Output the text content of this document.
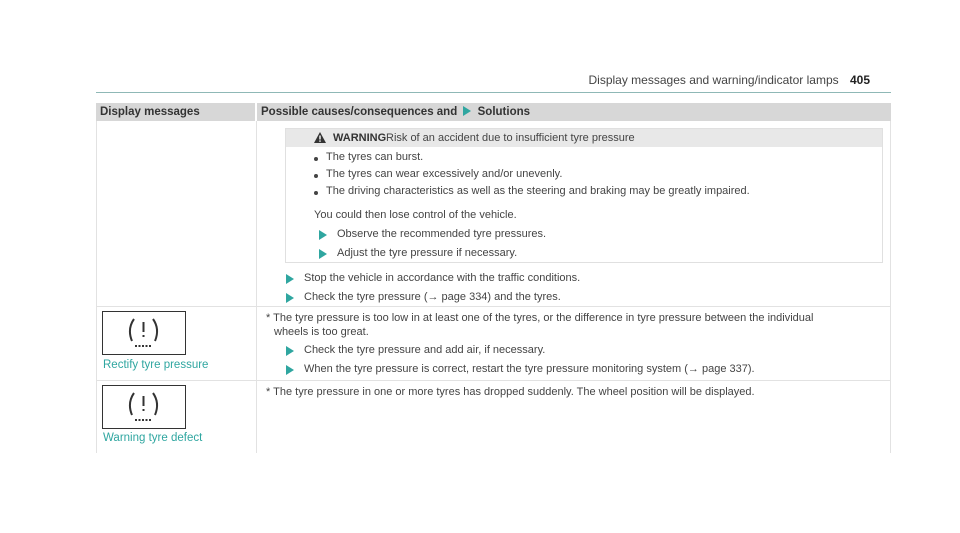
Display messages and warning/indicator lamps 405
Display messages	Possible causes/consequences and Solutions
WARNING Risk of an accident due to insufficient tyre pressure
The tyres can burst.
The tyres can wear excessively and/or unevenly.
The driving characteristics as well as the steering and braking may be greatly impaired.
You could then lose control of the vehicle.
Observe the recommended tyre pressures.
Adjust the tyre pressure if necessary.
Stop the vehicle in accordance with the traffic conditions.
Check the tyre pressure (→ page 334) and the tyres.
Rectify tyre pressure
* The tyre pressure is too low in at least one of the tyres, or the difference in tyre pressure between the individual
wheels is too great.
Check the tyre pressure and add air, if necessary.
When the tyre pressure is correct, restart the tyre pressure monitoring system (→ page 337).
Warning tyre defect
* The tyre pressure in one or more tyres has dropped suddenly. The wheel position will be displayed.
